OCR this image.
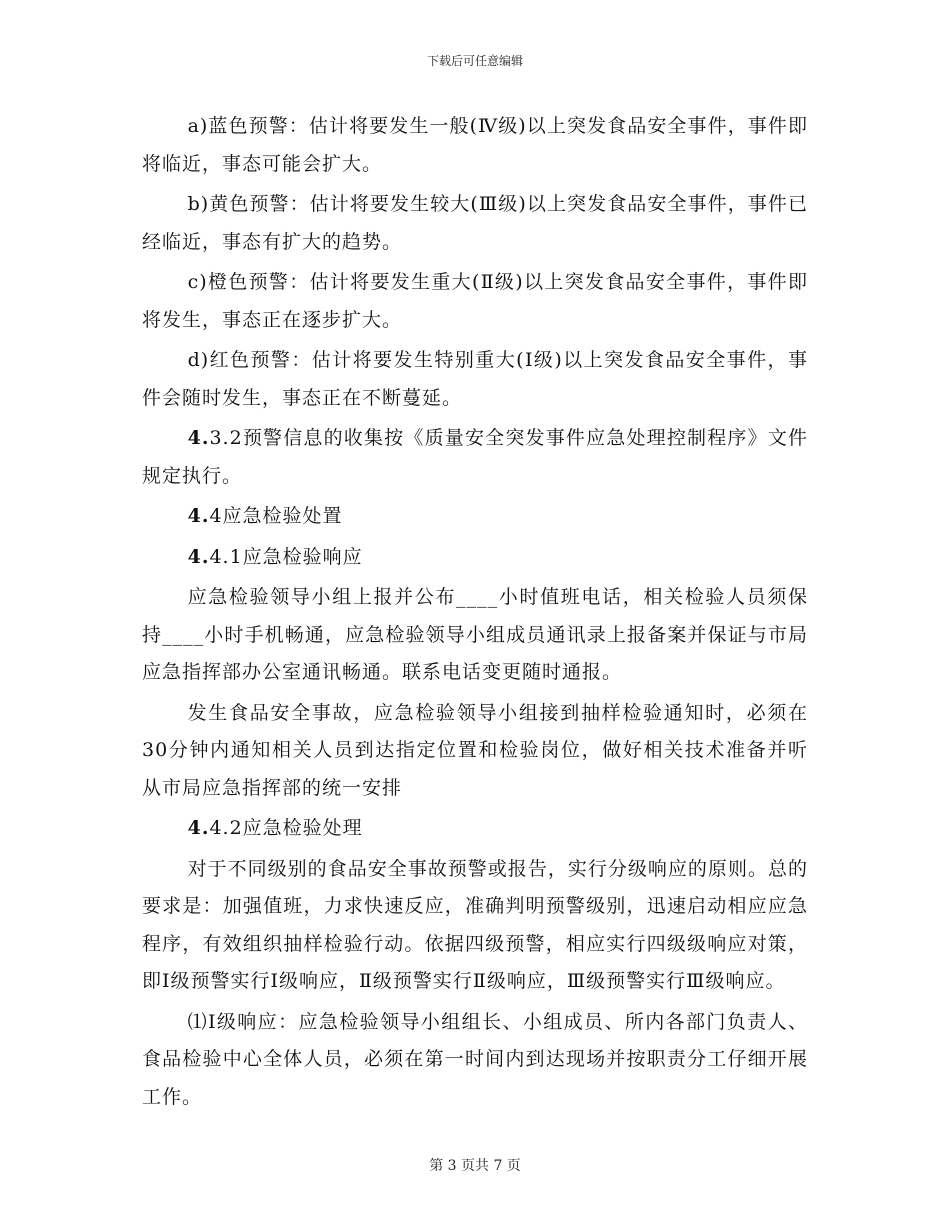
下载后可任意编辑

a)蓝色预警：估计将要发生一般(Ⅳ级)以上突发食品安全事件，事件即将临近，事态可能会扩大。

b)黄色预警：估计将要发生较大(Ⅲ级)以上突发食品安全事件，事件已经临近，事态有扩大的趋势。

c)橙色预警：估计将要发生重大(Ⅱ级)以上突发食品安全事件，事件即将发生，事态正在逐步扩大。

d)红色预警：估计将要发生特别重大(Ⅰ级)以上突发食品安全事件，事件会随时发生，事态正在不断蔓延。

4.3.2预警信息的收集按《质量安全突发事件应急处理控制程序》文件规定执行。

4.4应急检验处置

4.4.1应急检验响应

应急检验领导小组上报并公布____小时值班电话，相关检验人员须保持____小时手机畅通，应急检验领导小组成员通讯录上报备案并保证与市局应急指挥部办公室通讯畅通。联系电话变更随时通报。

发生食品安全事故，应急检验领导小组接到抽样检验通知时，必须在30分钟内通知相关人员到达指定位置和检验岗位，做好相关技术准备并听从市局应急指挥部的统一安排

4.4.2应急检验处理

对于不同级别的食品安全事故预警或报告，实行分级响应的原则。总的要求是：加强值班，力求快速反应，准确判明预警级别，迅速启动相应应急程序，有效组织抽样检验行动。依据四级预警，相应实行四级级响应对策，即Ⅰ级预警实行Ⅰ级响应，Ⅱ级预警实行Ⅱ级响应，Ⅲ级预警实行Ⅲ级响应。

⑴Ⅰ级响应：应急检验领导小组组长、小组成员、所内各部门负责人、食品检验中心全体人员，必须在第一时间内到达现场并按职责分工仔细开展工作。

第 3 页共 7 页
